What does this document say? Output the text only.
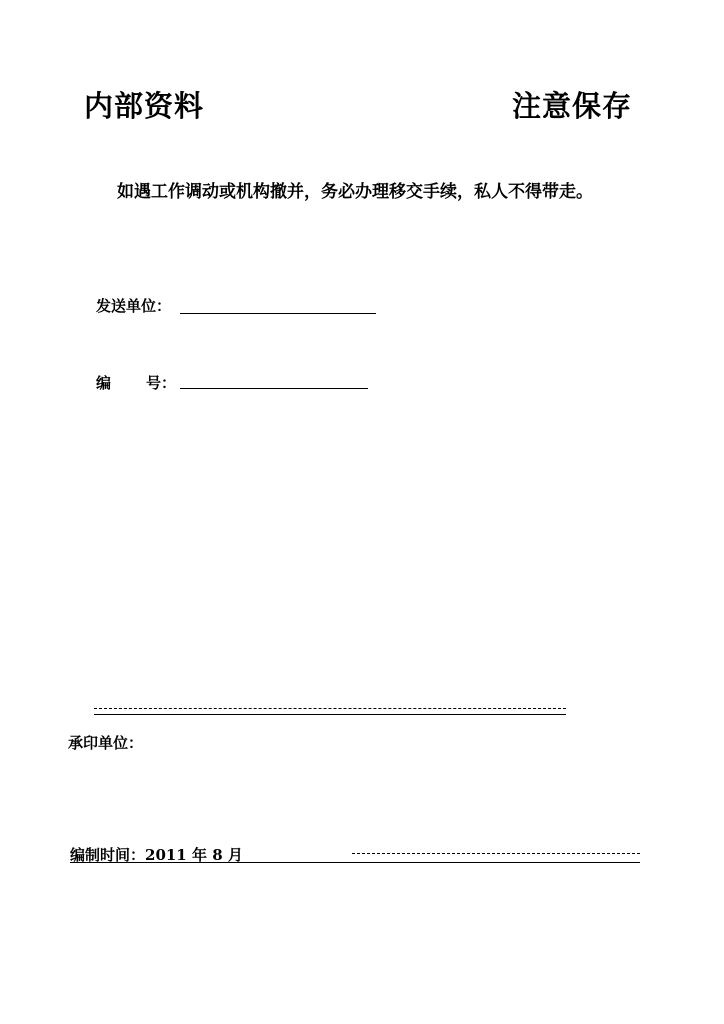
内部资料	注意保存
如遇工作调动或机构撤并，务必办理移交手续，私人不得带走。
发送单位：
编 号：
承印单位：
编制时间：2011 年 8 月
